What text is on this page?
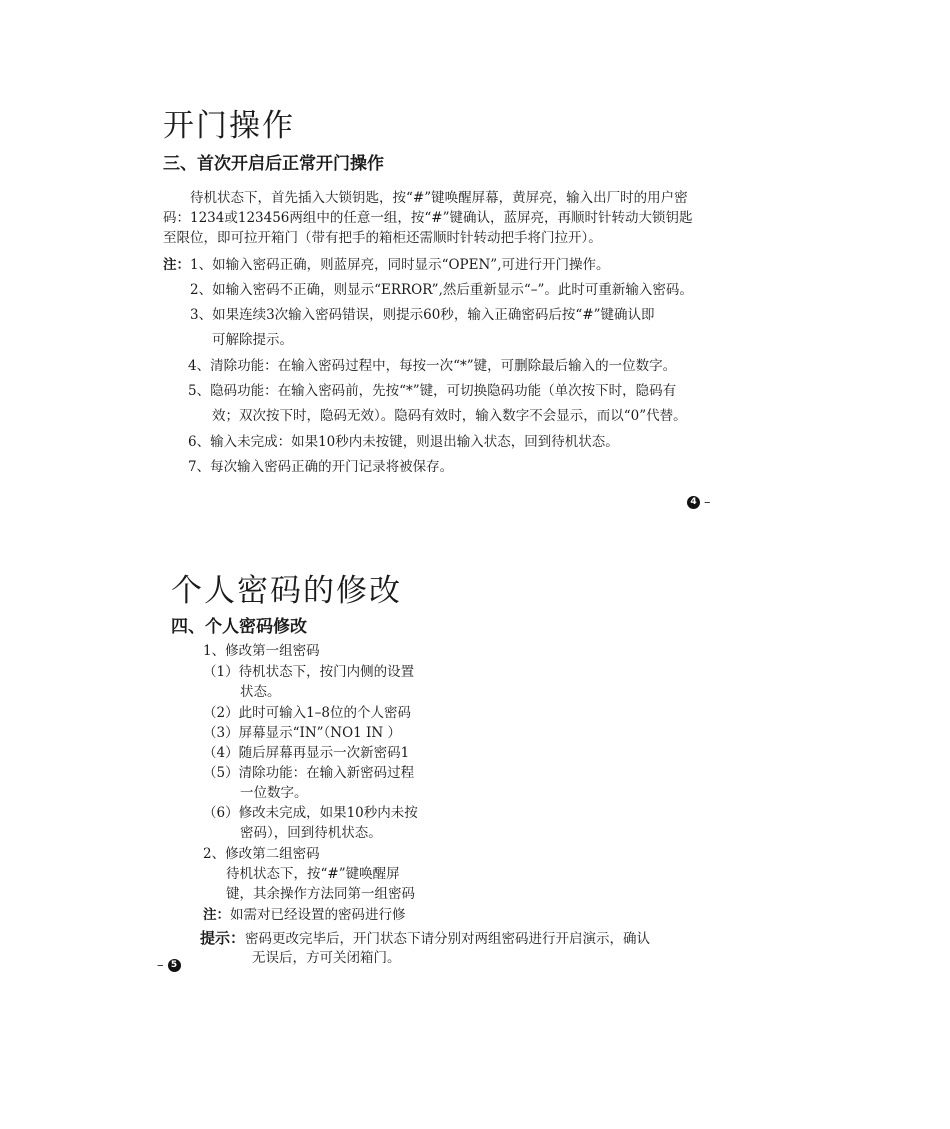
开门操作
三、首次开启后正常开门操作
待机状态下，首先插入大锁钥匙，按“#”键唤醒屏幕，黄屏亮，输入出厂时的用户密码：1234或123456两组中的任意一组，按“#”键确认，蓝屏亮，再顺时针转动大锁钥匙至限位，即可拉开箱门（带有把手的箱柜还需顺时针转动把手将门拉开）。
注：1、如输入密码正确，则蓝屏亮，同时显示“OPEN”,可进行开门操作。
2、如输入密码不正确，则显示“ERROR”,然后重新显示“–”。此时可重新输入密码。
3、如果连续3次输入密码错误，则提示60秒，输入正确密码后按“#”键确认即
可解除提示。
4、清除功能：在输入密码过程中，每按一次“*”键，可删除最后输入的一位数字。
5、隐码功能：在输入密码前，先按“*”键，可切换隐码功能（单次按下时，隐码有
效；双次按下时，隐码无效）。隐码有效时，输入数字不会显示，而以“0”代替。
6、输入未完成：如果10秒内未按键，则退出输入状态，回到待机状态。
7、每次输入密码正确的开门记录将被保存。
4 –
个人密码的修改
四、个人密码修改
1、修改第一组密码
（1）待机状态下，按门内侧的设置
状态。
（2）此时可输入1–8位的个人密码
（3）屏幕显示“IN”（NO1 IN ）
（4）随后屏幕再显示一次新密码1
（5）清除功能：在输入新密码过程
一位数字。
（6）修改未完成，如果10秒内未按
密码），回到待机状态。
2、修改第二组密码
待机状态下，按“#”键唤醒屏
键，其余操作方法同第一组密码
注：如需对已经设置的密码进行修
提示：密码更改完毕后，开门状态下请分别对两组密码进行开启演示，确认
无误后，方可关闭箱门。
– 5
